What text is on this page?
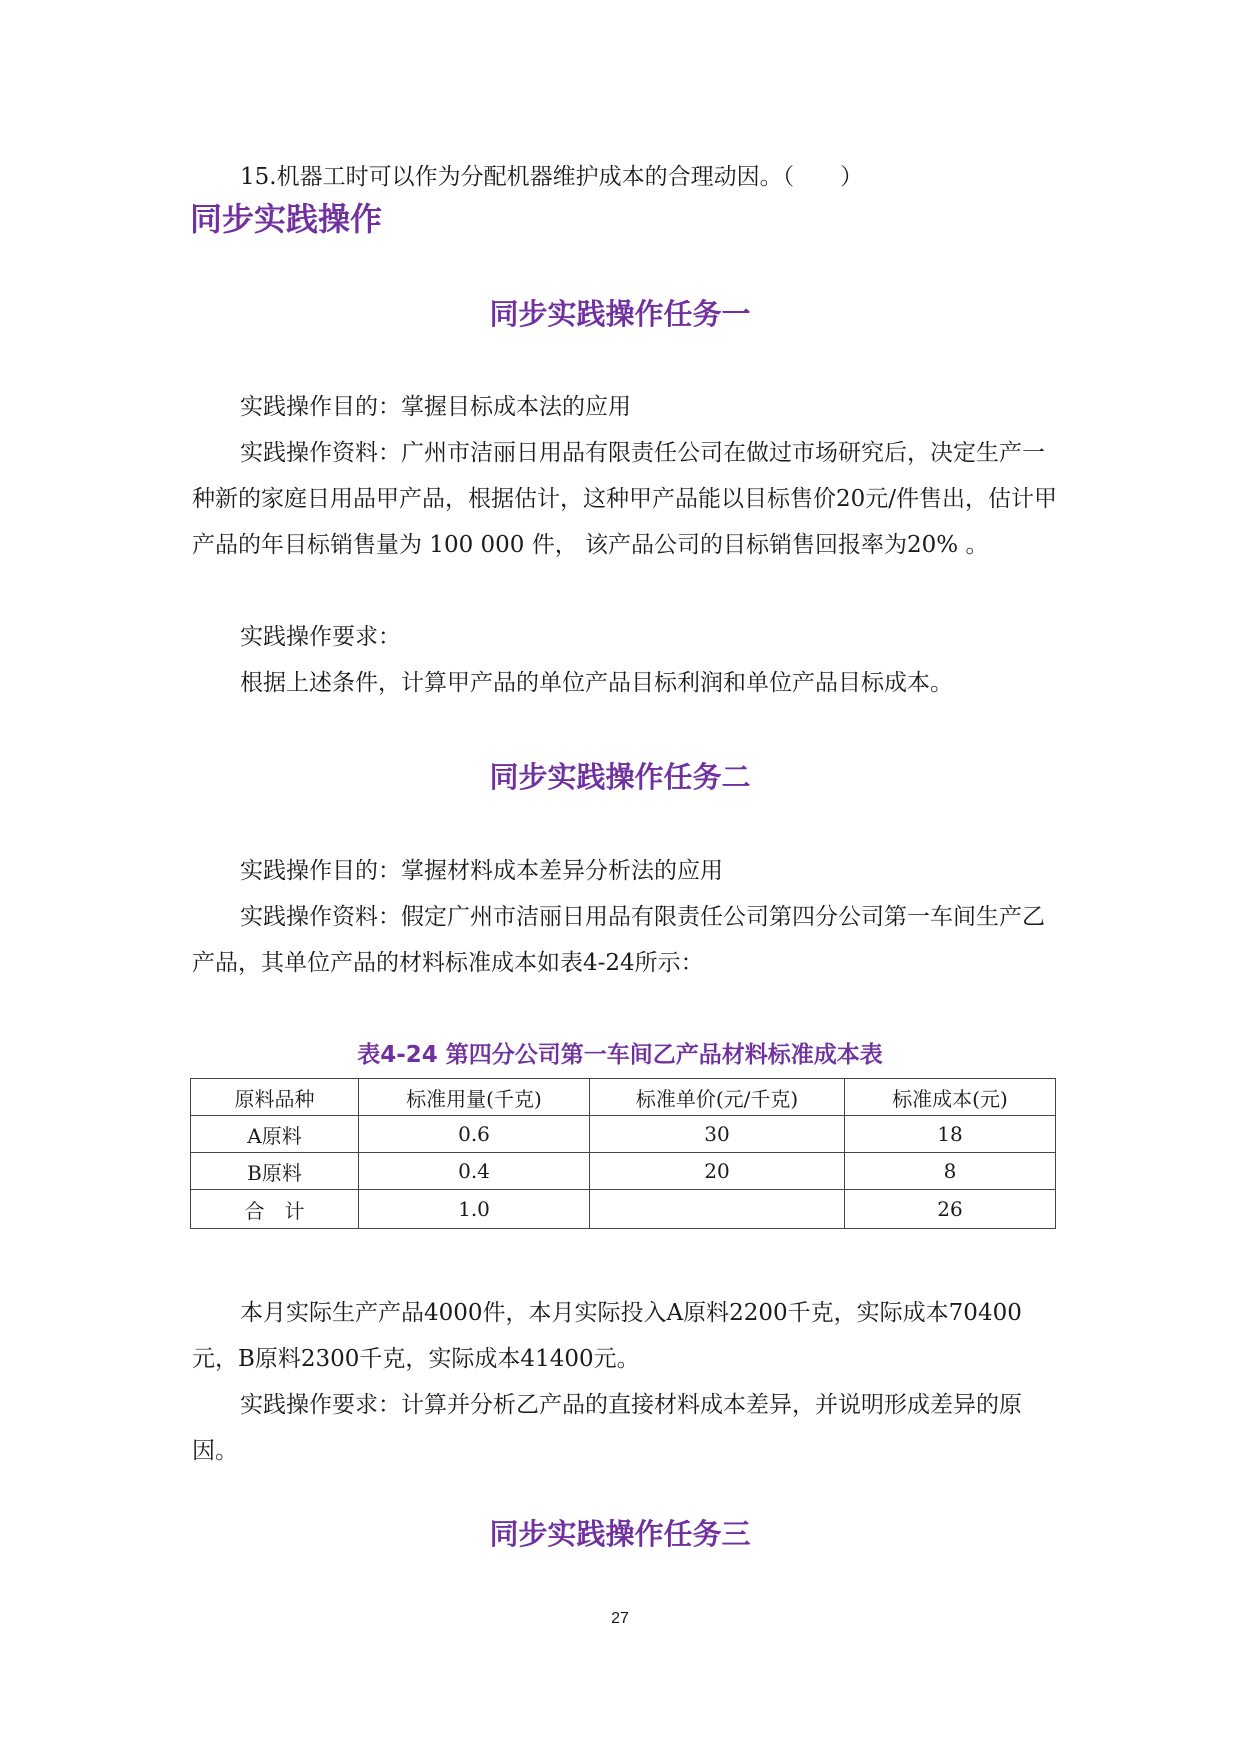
15.机器工时可以作为分配机器维护成本的合理动因。（　　）

同步实践操作
同步实践操作任务一

实践操作目的：掌握目标成本法的应用

实践操作资料：广州市洁丽日用品有限责任公司在做过市场研究后，决定生产一种新的家庭日用品甲产品，根据估计，这种甲产品能以目标售价20元/件售出，估计甲产品的年目标销售量为 100 000 件， 该产品公司的目标销售回报率为20% 。

实践操作要求：

根据上述条件，计算甲产品的单位产品目标利润和单位产品目标成本。

同步实践操作任务二

实践操作目的：掌握材料成本差异分析法的应用

实践操作资料：假定广州市洁丽日用品有限责任公司第四分公司第一车间生产乙产品，其单位产品的材料标准成本如表4-24所示：

表4-24 第四分公司第一车间乙产品材料标准成本表

原料品种	标准用量(千克)	标准单价(元/千克)	标准成本(元)
A原料	0.6	30	18
B原料	0.4	20	8
合　计	1.0		26

本月实际生产产品4000件，本月实际投入A原料2200千克，实际成本70400元，B原料2300千克，实际成本41400元。

实践操作要求：计算并分析乙产品的直接材料成本差异，并说明形成差异的原因。

同步实践操作任务三
27
